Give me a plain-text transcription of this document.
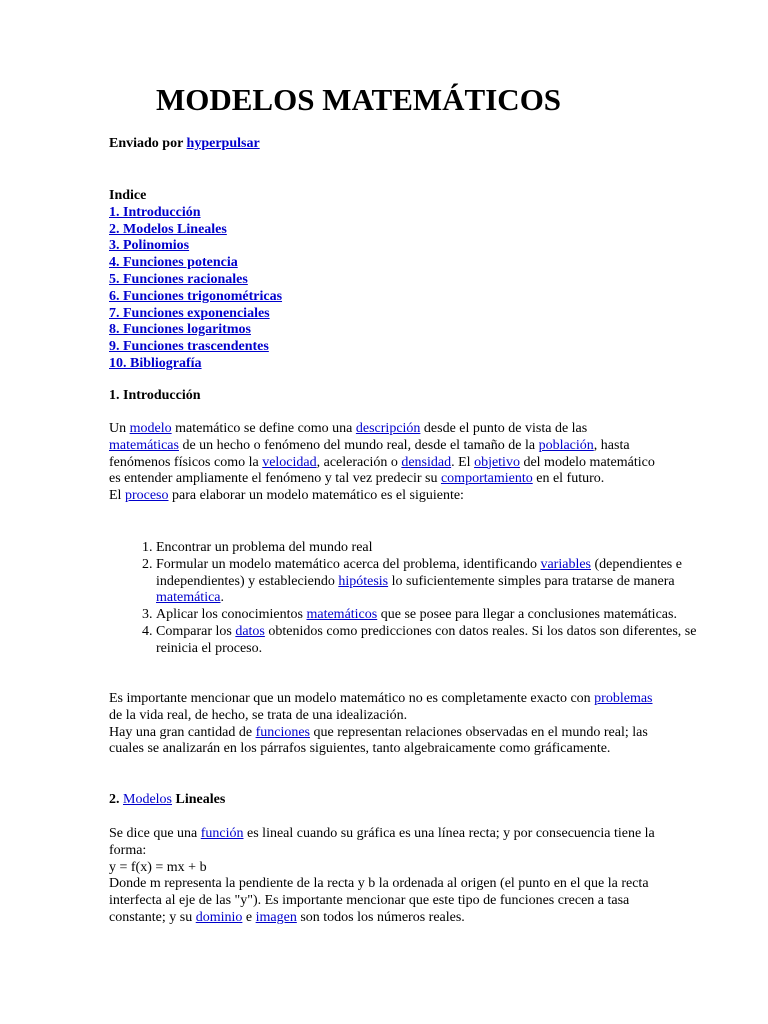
MODELOS MATEMÁTICOS
Enviado por hyperpulsar
Indice
1. Introducción
2. Modelos Lineales
3. Polinomios
4. Funciones potencia
5. Funciones racionales
6. Funciones trigonométricas
7. Funciones exponenciales
8. Funciones logaritmos
9. Funciones trascendentes
10. Bibliografía
1. Introducción

Un modelo matemático se define como una descripción desde el punto de vista de las matemáticas de un hecho o fenómeno del mundo real, desde el tamaño de la población, hasta fenómenos físicos como la velocidad, aceleración o densidad. El objetivo del modelo matemático es entender ampliamente el fenómeno y tal vez predecir su comportamiento en el futuro.

El proceso para elaborar un modelo matemático es el siguiente:

1. Encontrar un problema del mundo real
2. Formular un modelo matemático acerca del problema, identificando variables (dependientes e independientes) y estableciendo hipótesis lo suficientemente simples para tratarse de manera matemática.
3. Aplicar los conocimientos matemáticos que se posee para llegar a conclusiones matemáticas.
4. Comparar los datos obtenidos como predicciones con datos reales. Si los datos son diferentes, se reinicia el proceso.

Es importante mencionar que un modelo matemático no es completamente exacto con problemas de la vida real, de hecho, se trata de una idealización.

Hay una gran cantidad de funciones que representan relaciones observadas en el mundo real; las cuales se analizarán en los párrafos siguientes, tanto algebraicamente como gráficamente.

2. Modelos Lineales

Se dice que una función es lineal cuando su gráfica es una línea recta; y por consecuencia tiene la forma:

y = f(x) = mx + b

Donde m representa la pendiente de la recta y b la ordenada al origen (el punto en el que la recta interfecta al eje de las "y"). Es importante mencionar que este tipo de funciones crecen a tasa constante; y su dominio e imagen son todos los números reales.
